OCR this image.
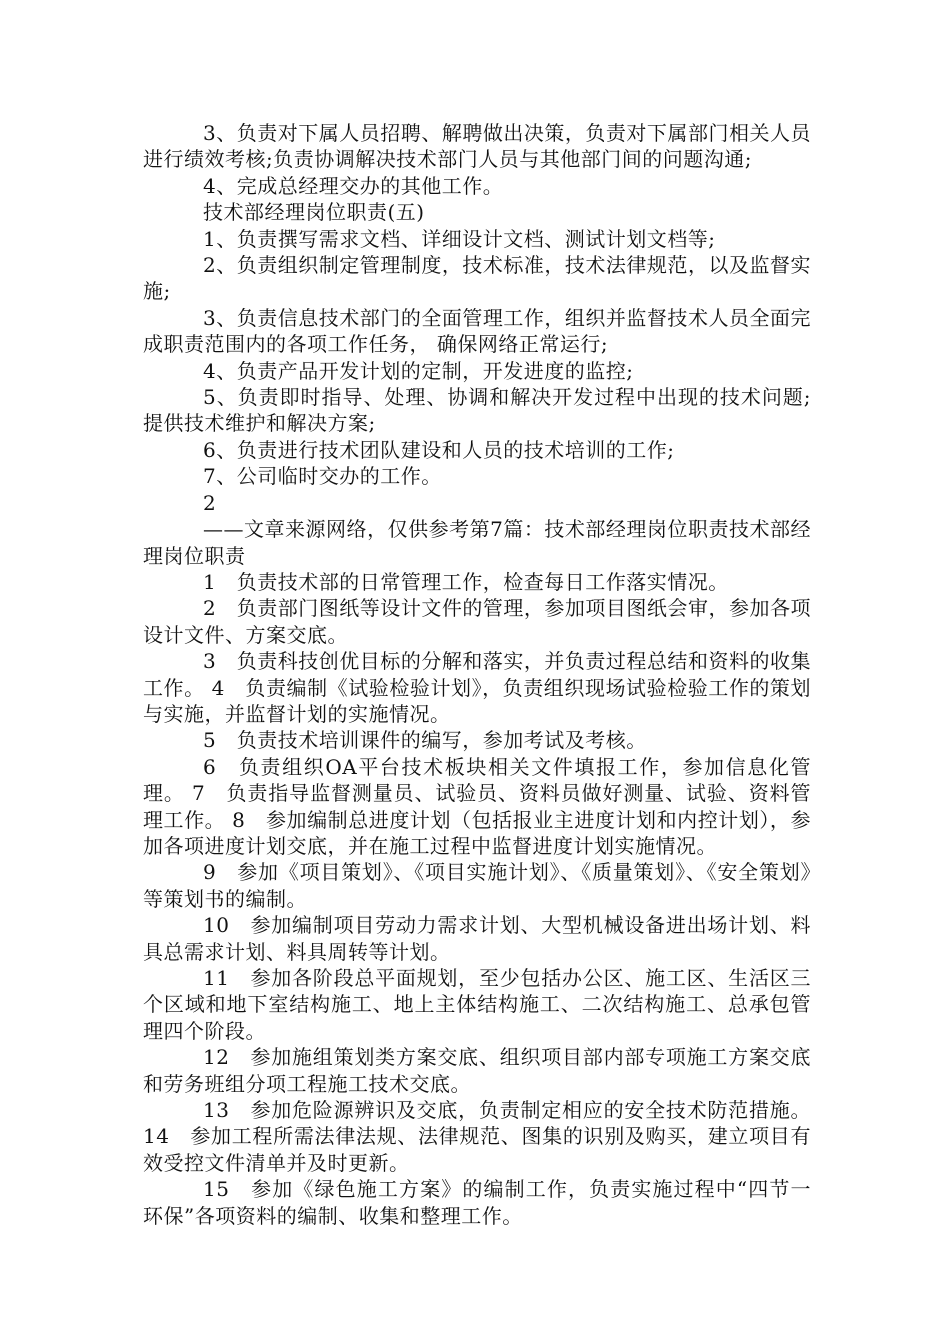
3、负责对下属人员招聘、解聘做出决策，负责对下属部门相关人员进行绩效考核;负责协调解决技术部门人员与其他部门间的问题沟通;

4、完成总经理交办的其他工作。

技术部经理岗位职责(五)

1、负责撰写需求文档、详细设计文档、测试计划文档等;

2、负责组织制定管理制度，技术标准，技术法律规范，以及监督实施;

3、负责信息技术部门的全面管理工作，组织并监督技术人员全面完成职责范围内的各项工作任务， 确保网络正常运行;

4、负责产品开发计划的定制，开发进度的监控;

5、负责即时指导、处理、协调和解决开发过程中出现的技术问题;提供技术维护和解决方案;

6、负责进行技术团队建设和人员的技术培训的工作;

7、公司临时交办的工作。

2

——文章来源网络，仅供参考第7篇：技术部经理岗位职责技术部经理岗位职责

1　负责技术部的日常管理工作，检查每日工作落实情况。

2　负责部门图纸等设计文件的管理，参加项目图纸会审，参加各项设计文件、方案交底。

3　负责科技创优目标的分解和落实，并负责过程总结和资料的收集工作。 4　负责编制《试验检验计划》，负责组织现场试验检验工作的策划与实施，并监督计划的实施情况。

5　负责技术培训课件的编写，参加考试及考核。

6　负责组织OA平台技术板块相关文件填报工作，参加信息化管理。 7　负责指导监督测量员、试验员、资料员做好测量、试验、资料管理工作。 8　参加编制总进度计划（包括报业主进度计划和内控计划），参加各项进度计划交底，并在施工过程中监督进度计划实施情况。

9　参加《项目策划》、《项目实施计划》、《质量策划》、《安全策划》等策划书的编制。

10　参加编制项目劳动力需求计划、大型机械设备进出场计划、料具总需求计划、料具周转等计划。

11　参加各阶段总平面规划，至少包括办公区、施工区、生活区三个区域和地下室结构施工、地上主体结构施工、二次结构施工、总承包管理四个阶段。

12　参加施组策划类方案交底、组织项目部内部专项施工方案交底和劳务班组分项工程施工技术交底。

13　参加危险源辨识及交底，负责制定相应的安全技术防范措施。 14　参加工程所需法律法规、法律规范、图集的识别及购买，建立项目有效受控文件清单并及时更新。

15　参加《绿色施工方案》的编制工作，负责实施过程中“四节一环保”各项资料的编制、收集和整理工作。
